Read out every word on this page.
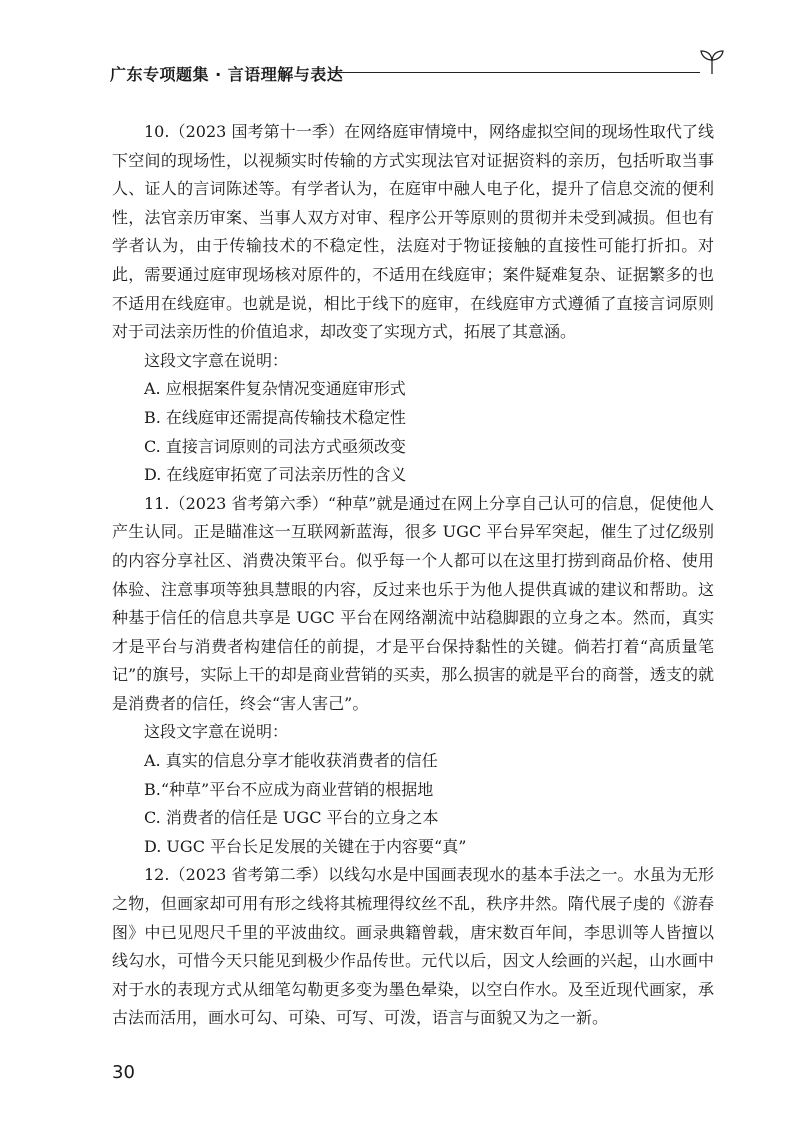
广东专项题集 · 言语理解与表达

10.（2023 国考第十一季）在网络庭审情境中，网络虚拟空间的现场性取代了线下空间的现场性，以视频实时传输的方式实现法官对证据资料的亲历，包括听取当事人、证人的言词陈述等。有学者认为，在庭审中融人电子化，提升了信息交流的便利性，法官亲历审案、当事人双方对审、程序公开等原则的贯彻并未受到减损。但也有学者认为，由于传输技术的不稳定性，法庭对于物证接触的直接性可能打折扣。对此，需要通过庭审现场核对原件的，不适用在线庭审；案件疑难复杂、证据繁多的也不适用在线庭审。也就是说，相比于线下的庭审，在线庭审方式遵循了直接言词原则对于司法亲历性的价值追求，却改变了实现方式，拓展了其意涵。

这段文字意在说明：

A. 应根据案件复杂情况变通庭审形式

B. 在线庭审还需提高传输技术稳定性

C. 直接言词原则的司法方式亟须改变

D. 在线庭审拓宽了司法亲历性的含义

11.（2023 省考第六季）“种草”就是通过在网上分享自己认可的信息，促使他人产生认同。正是瞄准这一互联网新蓝海，很多 UGC 平台异军突起，催生了过亿级别的内容分享社区、消费决策平台。似乎每一个人都可以在这里打捞到商品价格、使用体验、注意事项等独具慧眼的内容，反过来也乐于为他人提供真诚的建议和帮助。这种基于信任的信息共享是 UGC 平台在网络潮流中站稳脚跟的立身之本。然而，真实才是平台与消费者构建信任的前提，才是平台保持黏性的关键。倘若打着“高质量笔记”的旗号，实际上干的却是商业营销的买卖，那么损害的就是平台的商誉，透支的就是消费者的信任，终会“害人害己”。

这段文字意在说明：

A. 真实的信息分享才能收获消费者的信任

B.“种草”平台不应成为商业营销的根据地

C. 消费者的信任是 UGC 平台的立身之本

D. UGC 平台长足发展的关键在于内容要“真”

12.（2023 省考第二季）以线勾水是中国画表现水的基本手法之一。水虽为无形之物，但画家却可用有形之线将其梳理得纹丝不乱，秩序井然。隋代展子虔的《游春图》中已见咫尺千里的平波曲纹。画录典籍曾载，唐宋数百年间，李思训等人皆擅以线勾水，可惜今天只能见到极少作品传世。元代以后，因文人绘画的兴起，山水画中对于水的表现方式从细笔勾勒更多变为墨色晕染，以空白作水。及至近现代画家，承古法而活用，画水可勾、可染、可写、可泼，语言与面貌又为之一新。

30
